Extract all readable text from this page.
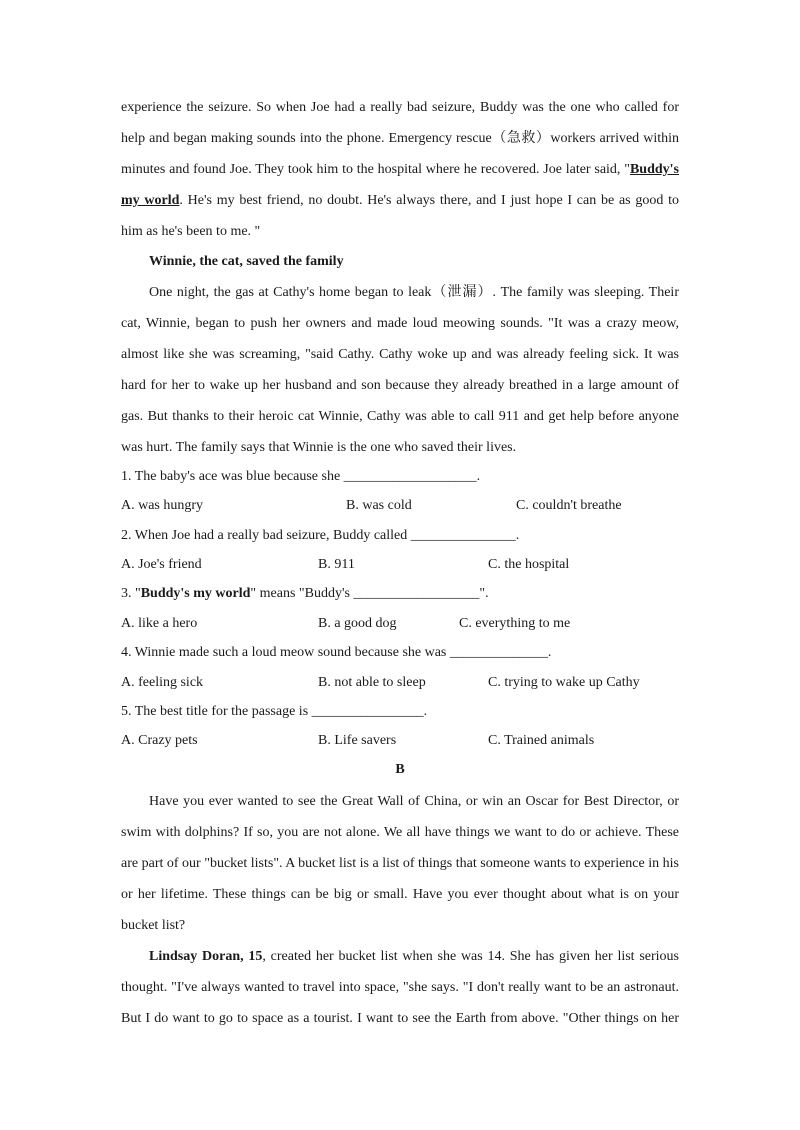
experience the seizure. So when Joe had a really bad seizure, Buddy was the one who called for help and began making sounds into the phone. Emergency rescue（急救）workers arrived within minutes and found Joe. They took him to the hospital where he recovered. Joe later said, "Buddy's my world. He's my best friend, no doubt. He's always there, and I just hope I can be as good to him as he's been to me. "

Winnie, the cat, saved the family

One night, the gas at Cathy's home began to leak（泄漏）. The family was sleeping. Their cat, Winnie, began to push her owners and made loud meowing sounds. "It was a crazy meow, almost like she was screaming, "said Cathy. Cathy woke up and was already feeling sick. It was hard for her to wake up her husband and son because they already breathed in a large amount of gas. But thanks to their heroic cat Winnie, Cathy was able to call 911 and get help before anyone was hurt. The family says that Winnie is the one who saved their lives.

1. The baby's ace was blue because she ___________________.

A. was hungry	B. was cold	C. couldn't breathe

2. When Joe had a really bad seizure, Buddy called _______________.

A. Joe's friend	B. 911	C. the hospital

3. "Buddy's my world" means "Buddy's __________________".

A. like a hero	B. a good dog	C. everything to me

4. Winnie made such a loud meow sound because she was ______________.

A. feeling sick	B. not able to sleep	C. trying to wake up Cathy

5. The best title for the passage is ________________.

A. Crazy pets	B. Life savers	C. Trained animals

B

Have you ever wanted to see the Great Wall of China, or win an Oscar for Best Director, or swim with dolphins? If so, you are not alone. We all have things we want to do or achieve. These are part of our "bucket lists". A bucket list is a list of things that someone wants to experience in his or her lifetime. These things can be big or small. Have you ever thought about what is on your bucket list?

Lindsay Doran, 15, created her bucket list when she was 14. She has given her list serious thought. "I've always wanted to travel into space, "she says. "I don't really want to be an astronaut. But I do want to go to space as a tourist. I want to see the Earth from above. "Other things on her
